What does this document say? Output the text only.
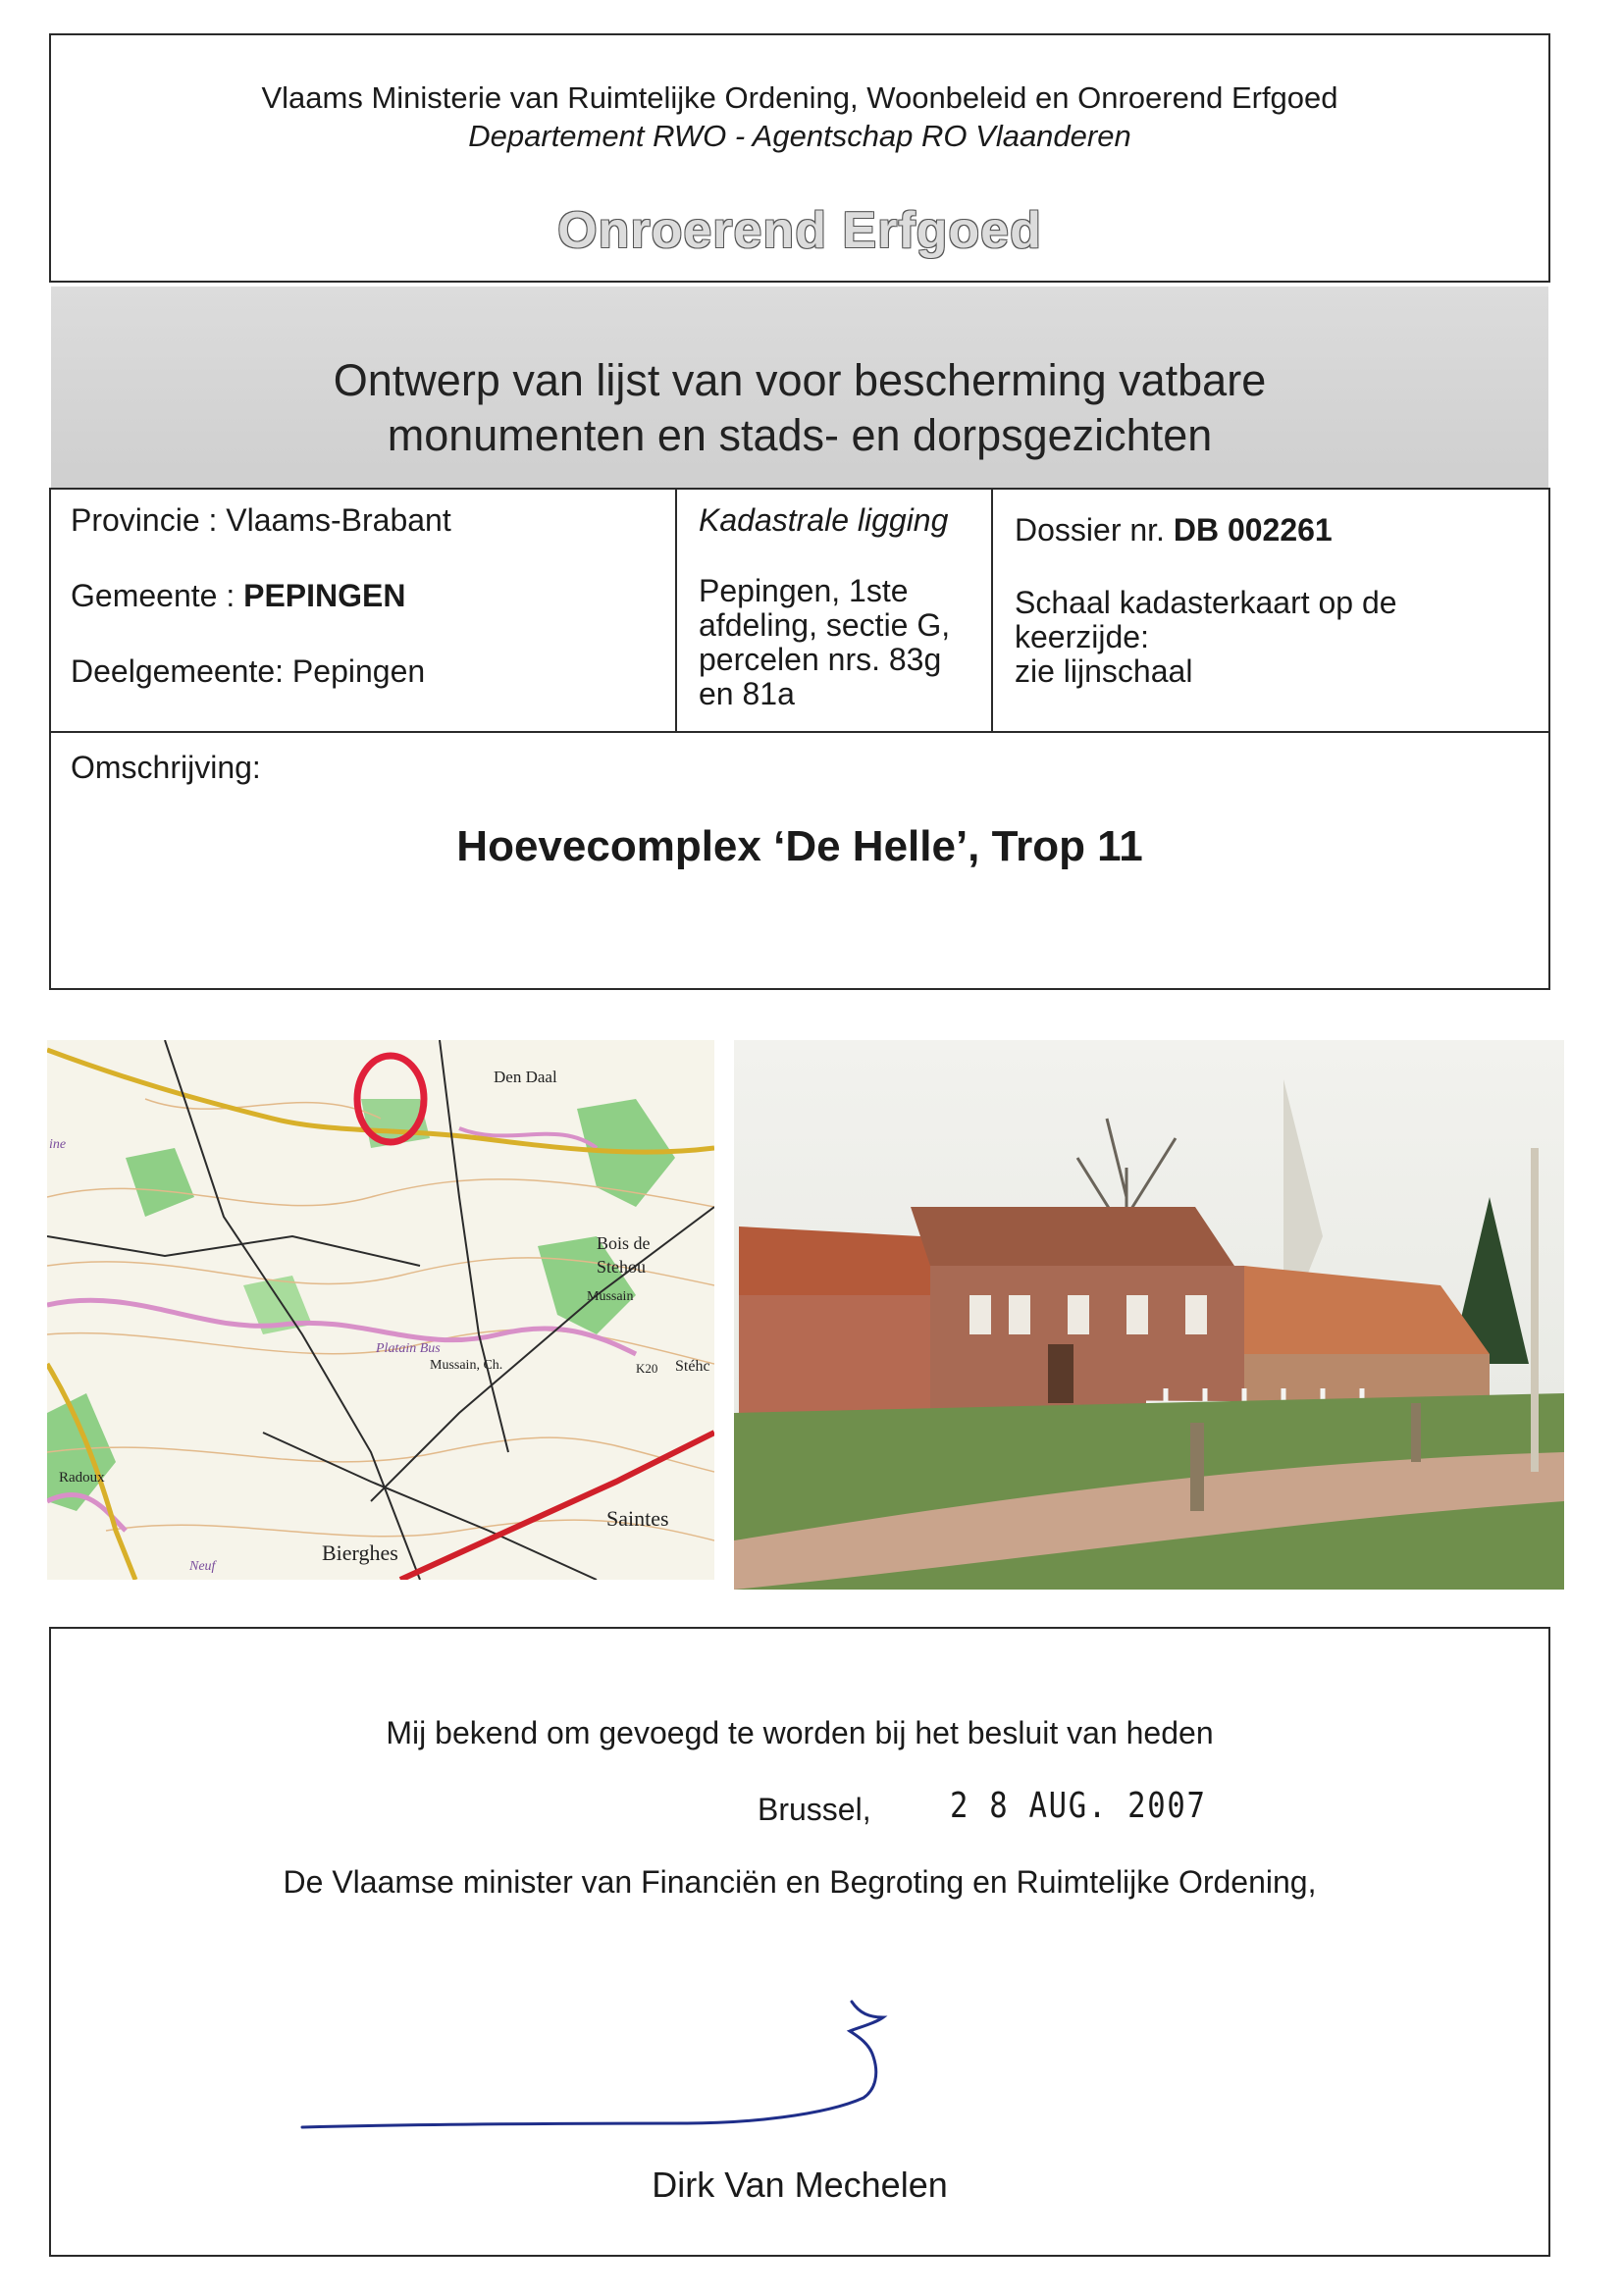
Vlaams Ministerie van Ruimtelijke Ordening, Woonbeleid en Onroerend Erfgoed
Departement RWO - Agentschap RO Vlaanderen
Onroerend Erfgoed
Ontwerp van lijst van voor bescherming vatbare
monumenten en stads- en dorpsgezichten
Provincie : Vlaams-Brabant
Gemeente : PEPINGEN
Deelgemeente: Pepingen
Kadastrale ligging
Pepingen, 1ste
afdeling, sectie G,
percelen nrs. 83g
en 81a
Dossier nr. DB 002261
Schaal kadasterkaart op de
keerzijde:
zie lijnschaal
Omschrijving:
Hoevecomplex ‘De Helle’, Trop 11
Den Daal
Bois de
Stehou
Mussain
Mussain, Ch.
Platain Bus
K20 Stéhc
Radoux
Saintes
Bierghes
Neuf
ine
Mij bekend om gevoegd te worden bij het besluit van heden
Brussel, 2 8 AUG. 2007
De Vlaamse minister van Financiën en Begroting en Ruimtelijke Ordening,
Dirk Van Mechelen
